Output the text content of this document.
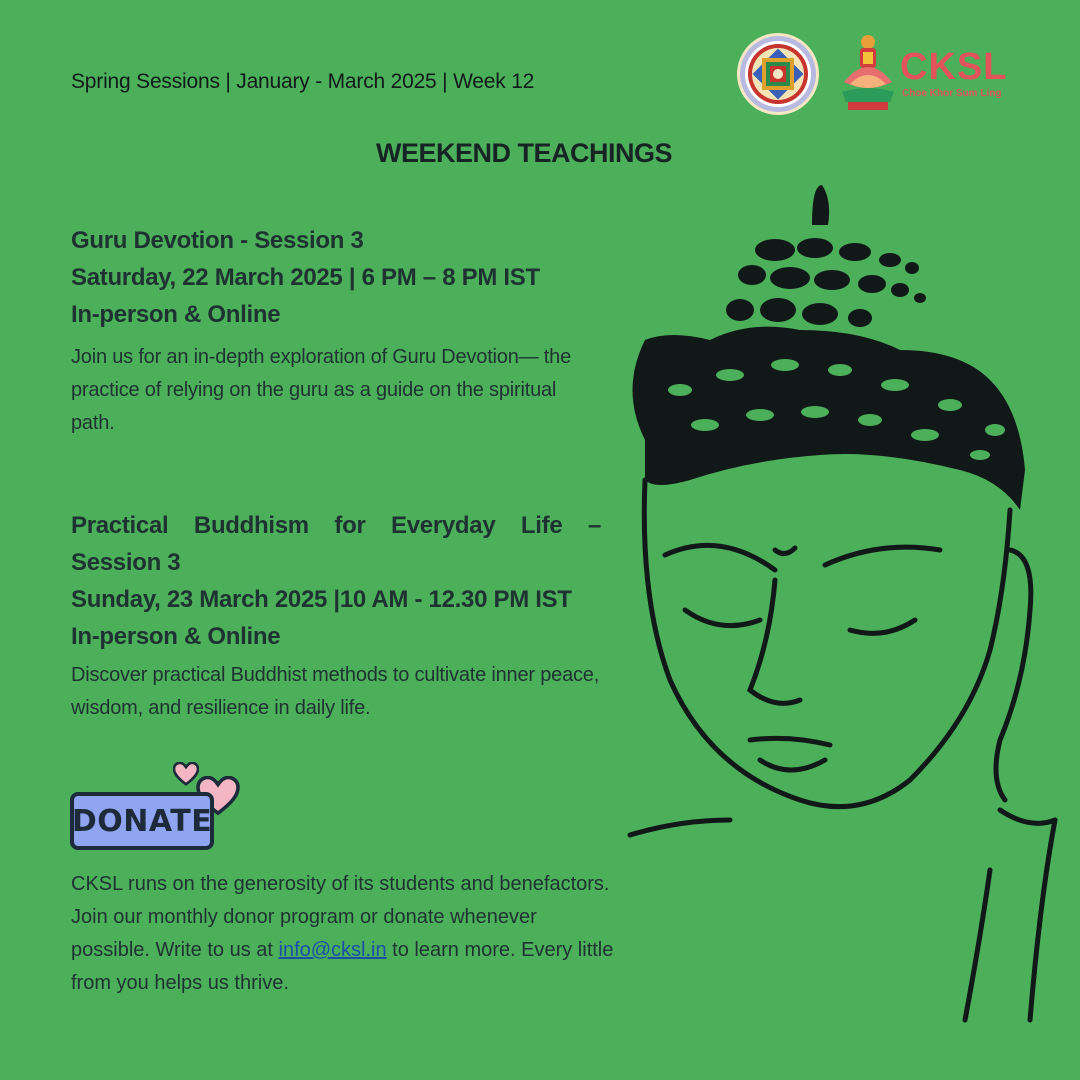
Spring Sessions | January - March 2025 | Week 12	CKSL
Choe Khor Sum Ling
WEEKEND TEACHINGS
Guru Devotion - Session 3
Saturday, 22 March 2025 | 6 PM – 8 PM IST
In-person & Online
Join us for an in-depth exploration of Guru Devotion— the practice of relying on the guru as a guide on the spiritual path.
Practical Buddhism for Everyday Life –
Session 3
Sunday, 23 March 2025 |10 AM - 12.30 PM IST
In-person & Online
Discover practical Buddhist methods to cultivate inner peace, wisdom, and resilience in daily life.
DONATE
CKSL runs on the generosity of its students and benefactors. Join our monthly donor program or donate whenever possible. Write to us at info@cksl.in to learn more. Every little from you helps us thrive.
